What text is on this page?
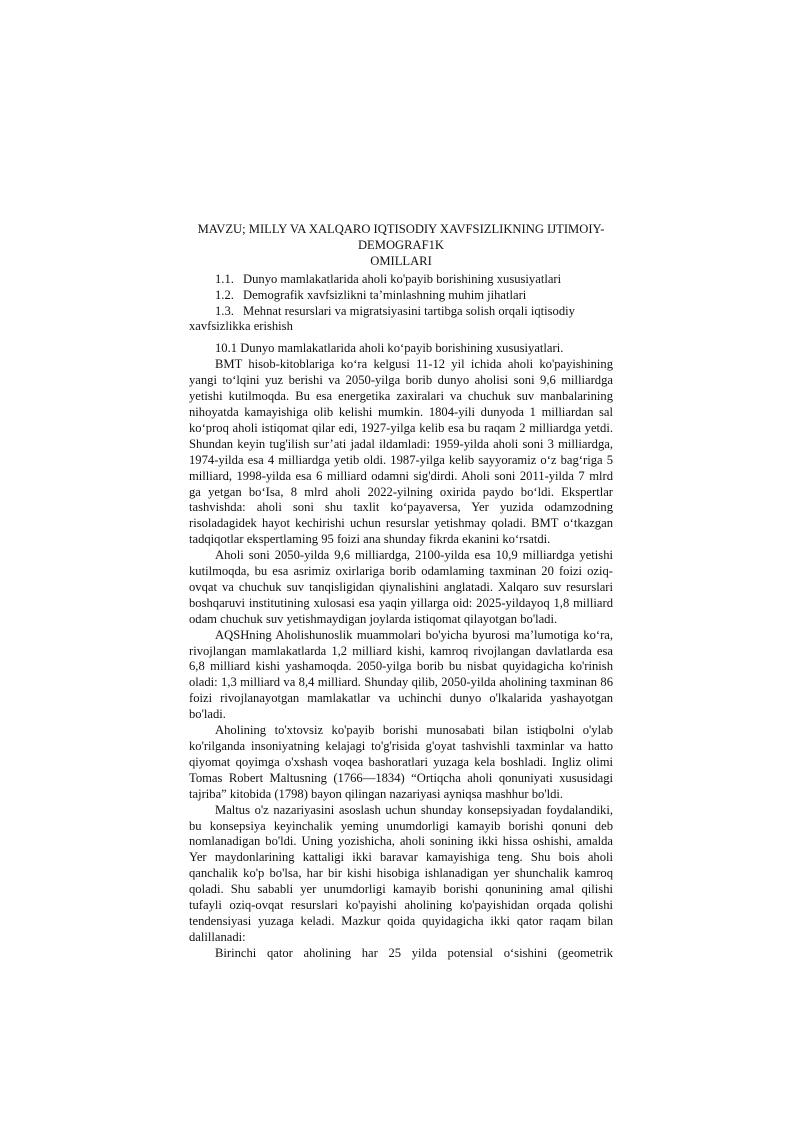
MAVZU; MILLY VA XALQARO IQTISODIY XAVFSIZLIKNING IJTIMOIY-DEMOGRAF1K
OMILLARI
1.1. Dunyo mamlakatlarida aholi ko'payib borishining xususiyatlari
1.2. Demografik xavfsizlikni ta’minlashning muhim jihatlari
1.3. Mehnat resurslari va migratsiyasini tartibga solish orqali iqtisodiy xavfsizlikka erishish

10.1 Dunyo mamlakatlarida aholi ko‘payib borishining xususiyatlari.

BMT hisob-kitoblariga ko‘ra kelgusi 11-12 yil ichida aholi ko'payishining yangi to‘lqini yuz berishi va 2050-yilga borib dunyo aholisi soni 9,6 milliardga yetishi kutilmoqda. Bu esa energetika zaxiralari va chuchuk suv manbalarining nihoyatda kamayishiga olib kelishi mumkin. 1804-yili dunyoda 1 milliardan sal ko‘proq aholi istiqomat qilar edi, 1927-yilga kelib esa bu raqam 2 milliardga yetdi. Shundan keyin tug'ilish sur’ati jadal ildamladi: 1959-yilda aholi soni 3 milliardga, 1974-yilda esa 4 milliardga yetib oldi. 1987-yilga kelib sayyoramiz o‘z bag‘riga 5 milliard, 1998-yilda esa 6 milliard odamni sig'dirdi. Aholi soni 2011-yilda 7 mlrd ga yetgan bo‘Isa, 8 mlrd aholi 2022-yilning oxirida paydo bo‘ldi. Ekspertlar tashvishda: aholi soni shu taxlit ko‘payaversa, Yer yuzida odamzodning risoladagidek hayot kechirishi uchun resurslar yetishmay qoladi. BMT o‘tkazgan tadqiqotlar ekspertlaming 95 foizi ana shunday fikrda ekanini ko‘rsatdi.

Aholi soni 2050-yilda 9,6 milliardga, 2100-yilda esa 10,9 milliardga yetishi kutilmoqda, bu esa asrimiz oxirlariga borib odamlaming taxminan 20 foizi oziq-ovqat va chuchuk suv tanqisligidan qiynalishini anglatadi. Xalqaro suv resurslari boshqaruvi institutining xulosasi esa yaqin yillarga oid: 2025-yildayoq 1,8 milliard odam chuchuk suv yetishmaydigan joylarda istiqomat qilayotgan bo'ladi.

AQSHning Aholishunoslik muammolari bo'yicha byurosi ma’lumotiga ko‘ra, rivojlangan mamlakatlarda 1,2 milliard kishi, kamroq rivojlangan davlatlarda esa 6,8 milliard kishi yashamoqda. 2050-yilga borib bu nisbat quyidagicha ko'rinish oladi: 1,3 milliard va 8,4 milliard. Shunday qilib, 2050-yilda aholining taxminan 86 foizi rivojlanayotgan mamlakatlar va uchinchi dunyo o'lkalarida yashayotgan bo'ladi.

Aholining to'xtovsiz ko'payib borishi munosabati bilan istiqbolni o'ylab ko'rilganda insoniyatning kelajagi to'g'risida g'oyat tashvishli taxminlar va hatto qiyomat qoyimga o'xshash voqea bashoratlari yuzaga kela boshladi. Ingliz olimi Tomas Robert Maltusning (1766—1834) “Ortiqcha aholi qonuniyati xususidagi tajriba” kitobida (1798) bayon qilingan nazariyasi ayniqsa mashhur bo'ldi.

Maltus o'z nazariyasini asoslash uchun shunday konsepsiyadan foydalandiki, bu konsepsiya keyinchalik yeming unumdorligi kamayib borishi qonuni deb nomlanadigan bo'ldi. Uning yozishicha, aholi sonining ikki hissa oshishi, amalda Yer maydonlarining kattaligi ikki baravar kamayishiga teng. Shu bois aholi qanchalik ko'p bo'lsa, har bir kishi hisobiga ishlanadigan yer shunchalik kamroq qoladi. Shu sababli yer unumdorligi kamayib borishi qonunining amal qilishi tufayli oziq-ovqat resurslari ko'payishi aholining ko'payishidan orqada qolishi tendensiyasi yuzaga keladi. Mazkur qoida quyidagicha ikki qator raqam bilan dalillanadi:

Birinchi qator aholining har 25 yilda potensial o‘sishini (geometrik
